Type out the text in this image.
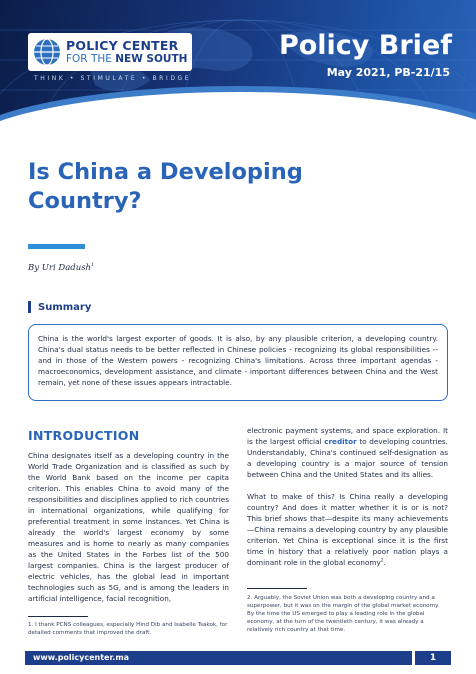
POLICY CENTER
FOR THE NEW SOUTH
THINK • STIMULATE • BRIDGE
Policy Brief
May 2021, PB-21/15
Is China a Developing Country?
By Uri Dadush$^1$
Summary
China is the world's largest exporter of goods. It is also, by any plausible criterion, a developing country. China's dual status needs to be better reflected in Chinese policies - recognizing its global responsibilities -- and in those of the Western powers - recognizing China's limitations. Across three important agendas - macroeconomics, development assistance, and climate - important differences between China and the West remain, yet none of these issues appears intractable.
INTRODUCTION

China designates itself as a developing country in the World Trade Organization and is classified as such by the World Bank based on the income per capita criterion. This enables China to avoid many of the responsibilities and disciplines applied to rich countries in international organizations, while qualifying for preferential treatment in some instances. Yet China is already the world's largest economy by some measures and is home to nearly as many companies as the United States in the Forbes list of the 500 largest companies. China is the largest producer of electric vehicles, has the global lead in important technologies such as 5G, and is among the leaders in artificial intelligence, facial recognition,

electronic payment systems, and space exploration. It is the largest official creditor to developing countries. Understandably, China's continued self-designation as a developing country is a major source of tension between China and the United States and its allies.

What to make of this? Is China really a developing country? And does it matter whether it is or is not? This brief shows that—despite its many achievements—China remains a developing country by any plausible criterion. Yet China is exceptional since it is the first time in history that a relatively poor nation plays a dominant role in the global economy$^2$.

1. I thank PCNS colleagues, especially Hind Dib and Isabelle Tsakok, for detailed comments that improved the draft.
2. Arguably, the Soviet Union was both a developing country and a superpower, but it was on the margin of the global market economy. By the time the US emerged to play a leading role in the global economy, at the turn of the twentieth century, it was already a relatively rich country at that time.
www.policycenter.ma	1
